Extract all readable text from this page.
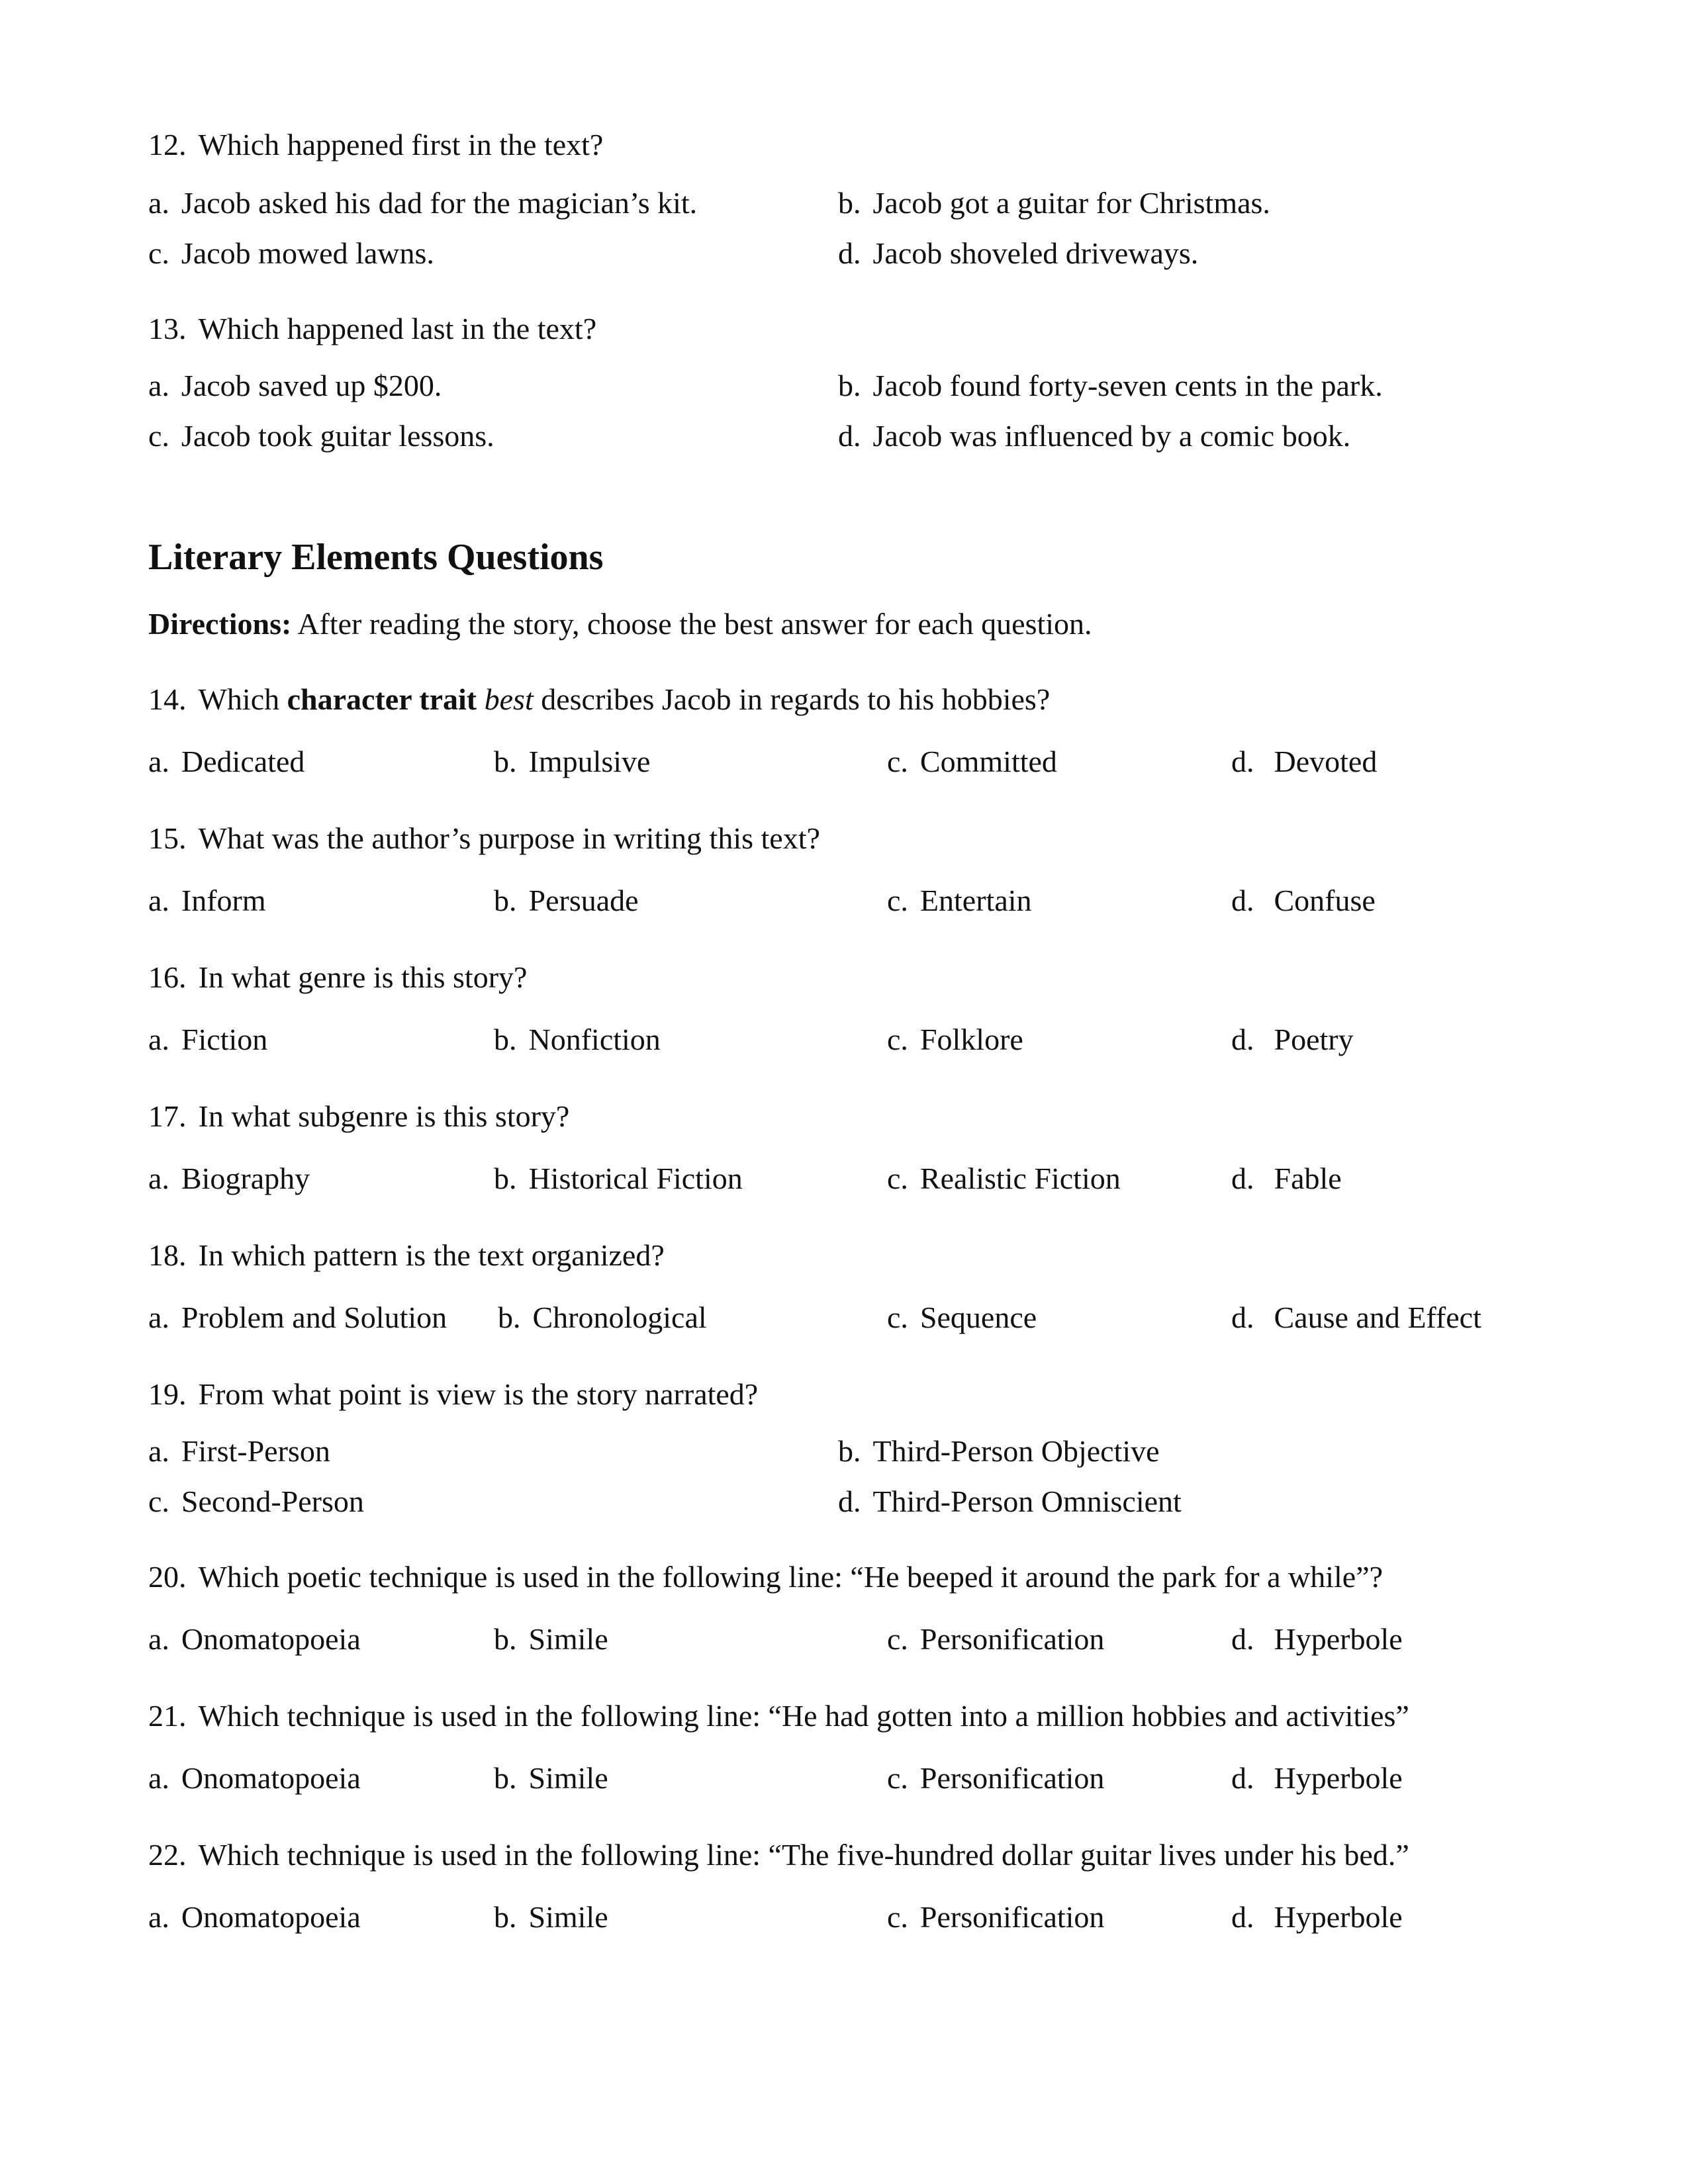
12. Which happened first in the text?
a. Jacob asked his dad for the magician’s kit.	b. Jacob got a guitar for Christmas.
c. Jacob mowed lawns.	d. Jacob shoveled driveways.
13. Which happened last in the text?
a. Jacob saved up $200.	b. Jacob found forty-seven cents in the park.
c. Jacob took guitar lessons.	d. Jacob was influenced by a comic book.
Literary Elements Questions
Directions: After reading the story, choose the best answer for each question.
14. Which character trait best describes Jacob in regards to his hobbies?
a. Dedicated	b. Impulsive	c. Committed	d. Devoted
15. What was the author’s purpose in writing this text?
a. Inform	b. Persuade	c. Entertain	d. Confuse
16. In what genre is this story?
a. Fiction	b. Nonfiction	c. Folklore	d. Poetry
17. In what subgenre is this story?
a. Biography	b. Historical Fiction	c. Realistic Fiction	d. Fable
18. In which pattern is the text organized?
a. Problem and Solution b. Chronological	c. Sequence	d. Cause and Effect
19. From what point is view is the story narrated?
a. First-Person	b. Third-Person Objective
c. Second-Person	d. Third-Person Omniscient
20. Which poetic technique is used in the following line: “He beeped it around the park for a while”?
a. Onomatopoeia	b. Simile	c. Personification	d. Hyperbole
21. Which technique is used in the following line: “He had gotten into a million hobbies and activities”
a. Onomatopoeia	b. Simile	c. Personification	d. Hyperbole
22. Which technique is used in the following line: “The five-hundred dollar guitar lives under his bed.”
a. Onomatopoeia	b. Simile	c. Personification	d. Hyperbole
